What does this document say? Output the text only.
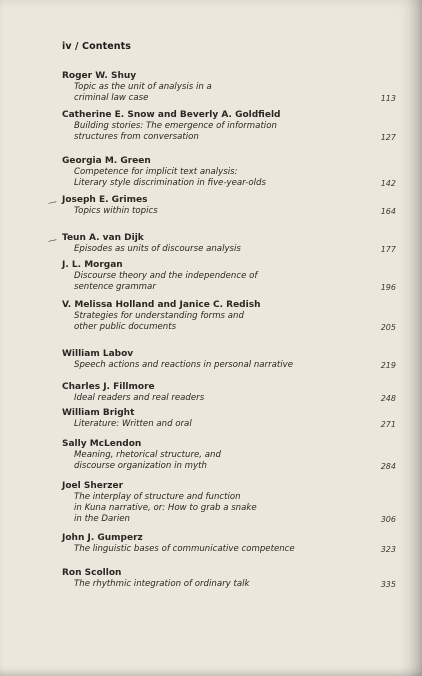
iv / Contents
Roger W. Shuy
Topic as the unit of analysis in a
criminal law case	113
Catherine E. Snow and Beverly A. Goldfield
Building stories: The emergence of information
structures from conversation	127
Georgia M. Green
Competence for implicit text analysis:
Literary style discrimination in five-year-olds	142
— Joseph E. Grimes
Topics within topics	164
— Teun A. van Dijk
Episodes as units of discourse analysis	177
J. L. Morgan
Discourse theory and the independence of
sentence grammar	196
V. Melissa Holland and Janice C. Redish
Strategies for understanding forms and
other public documents	205
William Labov
Speech actions and reactions in personal narrative	219
Charles J. Fillmore
Ideal readers and real readers	248
William Bright
Literature: Written and oral	271
Sally McLendon
Meaning, rhetorical structure, and
discourse organization in myth	284
Joel Sherzer
The interplay of structure and function
in Kuna narrative, or: How to grab a snake
in the Darien	306
John J. Gumperz
The linguistic bases of communicative competence	323
Ron Scollon
The rhythmic integration of ordinary talk	335
